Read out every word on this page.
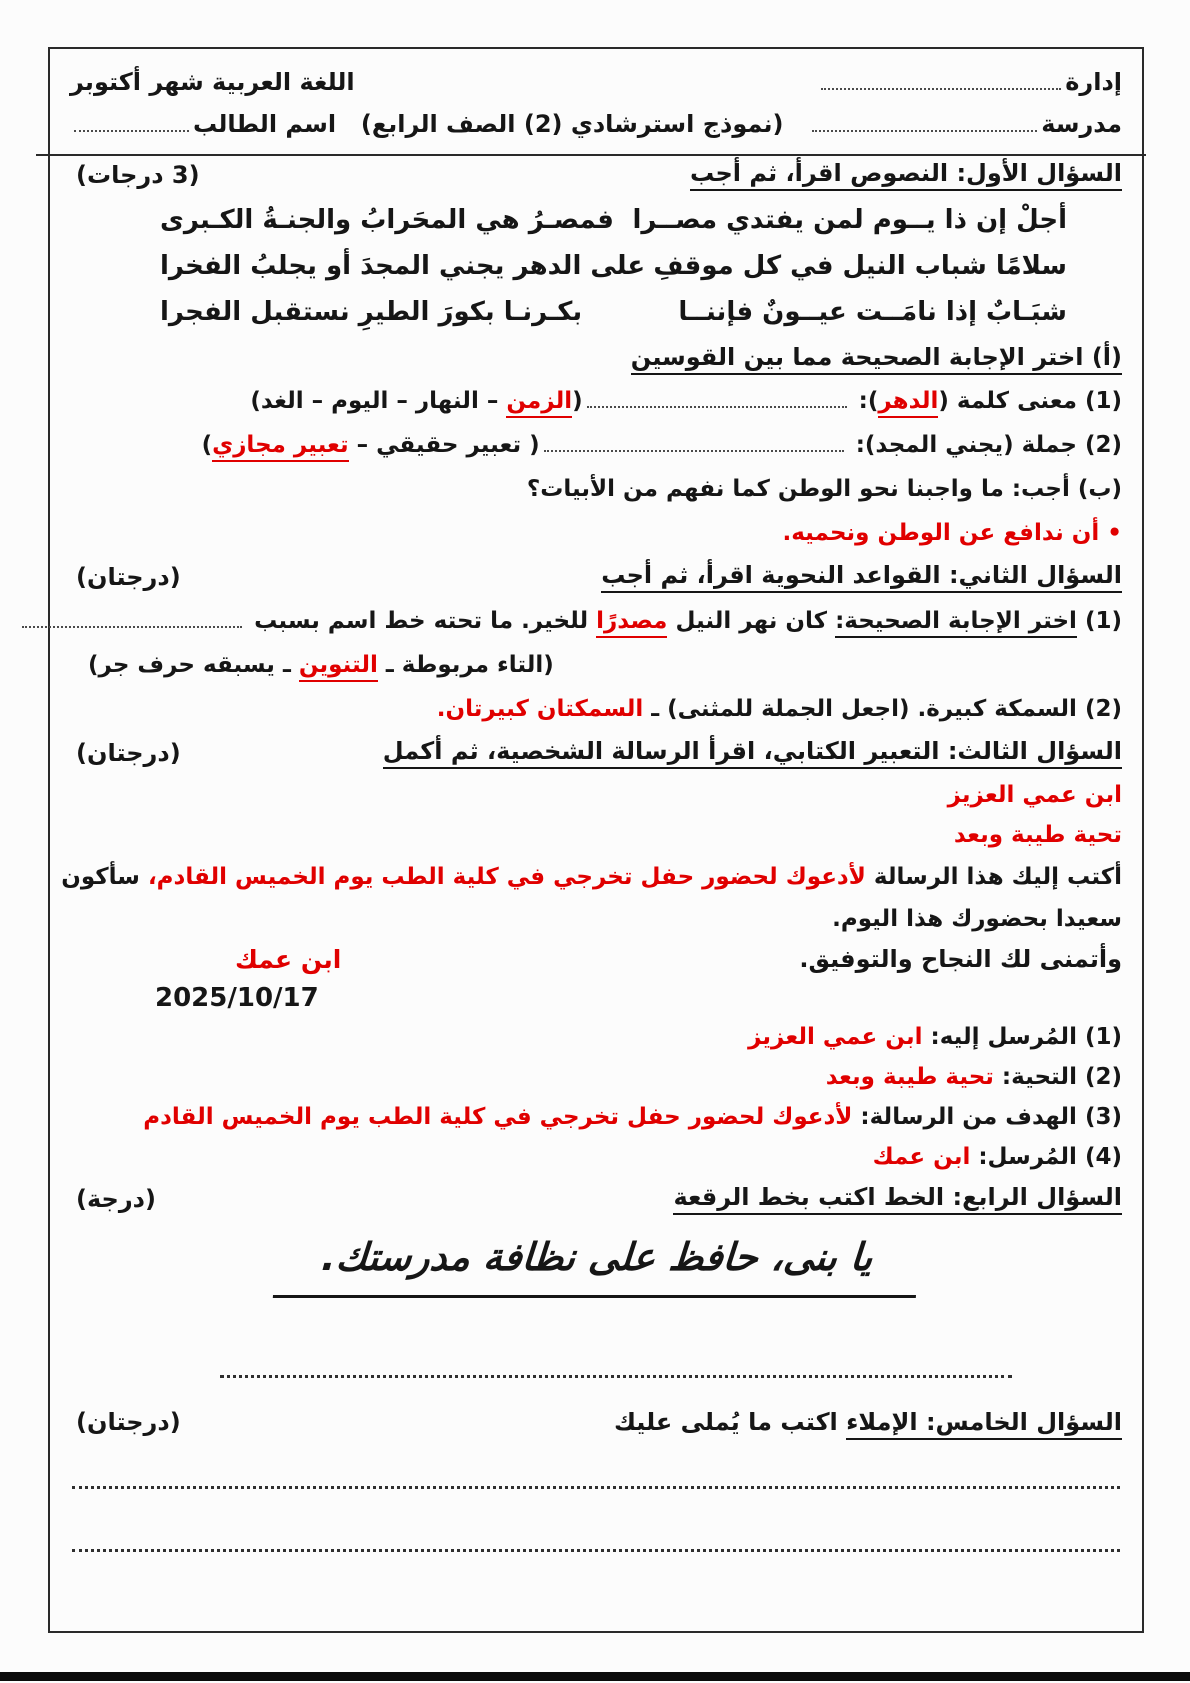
إدارة
اللغة العربية شهر أكتوبر
مدرسة
(نموذج استرشادي (2) الصف الرابع)
اسم الطالب
السؤال الأول: النصوص اقرأ، ثم أجب
(3 درجات)
أجلْ إن ذا يــوم لمن يفتدي مصــرا
فمصـرُ هي المحَرابُ والجنـةُ الكـبرى
سلامًا شباب النيل في كل موقفِ
على الدهر يجني المجدَ أو يجلبُ الفخرا
شبَـابٌ إذا نامَــت عيــونٌ فإننــا
بكـرنـا بكورَ الطيرِ نستقبل الفجرا
(أ) اختر الإجابة الصحيحة مما بين القوسين
(1) معنى كلمة (الدهر): (الزمن – النهار – اليوم – الغد)
(2) جملة (يجني المجد): ( تعبير حقيقي – تعبير مجازي)
(ب) أجب: ما واجبنا نحو الوطن كما نفهم من الأبيات؟
• أن ندافع عن الوطن ونحميه.
السؤال الثاني: القواعد النحوية اقرأ، ثم أجب
(درجتان)
(1) اختر الإجابة الصحيحة: كان نهر النيل مصدرًا للخير. ما تحته خط اسم بسبب
(التاء مربوطة ـ التنوين ـ يسبقه حرف جر)
(2) السمكة كبيرة. (اجعل الجملة للمثنى) ـ السمكتان كبيرتان.
السؤال الثالث: التعبير الكتابي، اقرأ الرسالة الشخصية، ثم أكمل
(درجتان)
ابن عمي العزيز
تحية طيبة وبعد
أكتب إليك هذا الرسالة لأدعوك لحضور حفل تخرجي في كلية الطب يوم الخميس القادم، سأكون
سعيدا بحضورك هذا اليوم.
وأتمنى لك النجاح والتوفيق.
ابن عمك
2025/10/17
(1) المُرسل إليه: ابن عمي العزيز
(2) التحية: تحية طيبة وبعد
(3) الهدف من الرسالة: لأدعوك لحضور حفل تخرجي في كلية الطب يوم الخميس القادم
(4) المُرسل: ابن عمك
السؤال الرابع: الخط اكتب بخط الرقعة
(درجة)
يا بنى، حافظ على نظافة مدرستك.
السؤال الخامس: الإملاء اكتب ما يُملى عليك
(درجتان)
